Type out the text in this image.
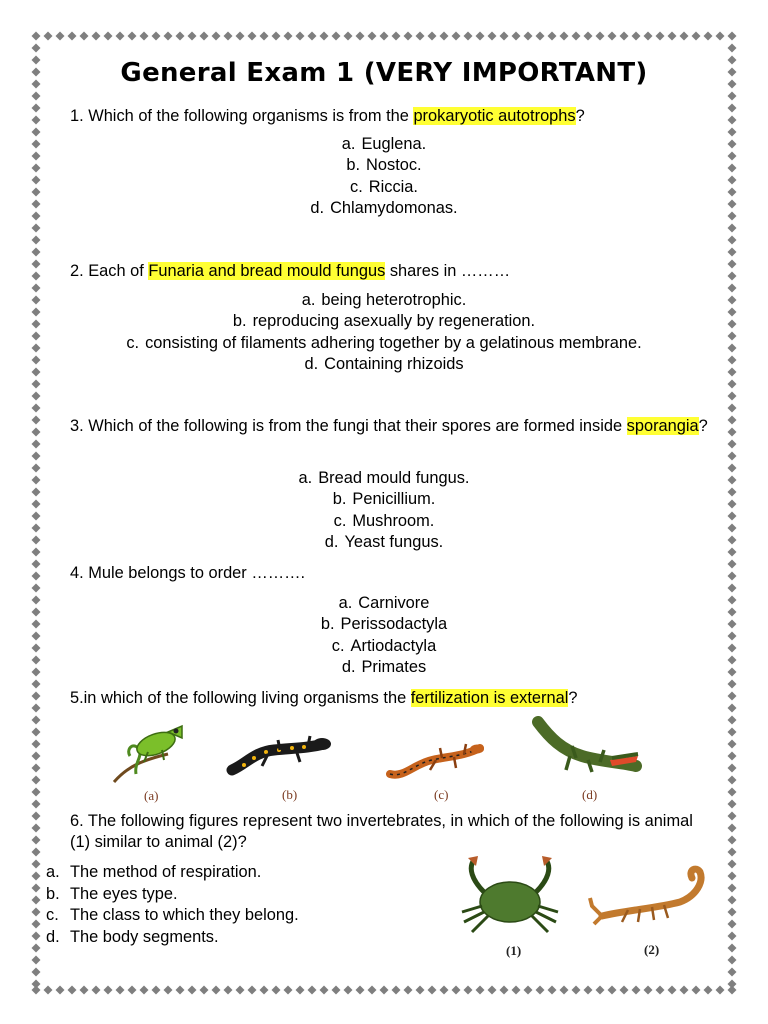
General Exam 1 (VERY IMPORTANT)
1. Which of the following organisms is from the prokaryotic autotrophs?
a. Euglena.
b. Nostoc.
c. Riccia.
d. Chlamydomonas.
2. Each of Funaria and bread mould fungus shares in ………
a. being heterotrophic.
b. reproducing asexually by regeneration.
c. consisting of filaments adhering together by a gelatinous membrane.
d. Containing rhizoids
3. Which of the following is from the fungi that their spores are formed inside sporangia?
a. Bread mould fungus.
b. Penicillium.
c. Mushroom.
d. Yeast fungus.
4. Mule belongs to order ……….
a. Carnivore
b. Perissodactyla
c. Artiodactyla
d. Primates
5.in which of the following living organisms the fertilization is external?
(a)	(b)	(c)	(d)
6. The following figures represent two invertebrates, in which of the following is animal (1) similar to animal (2)?
a. The method of respiration.
b. The eyes type.
c. The class to which they belong.
d. The body segments.
(1)	(2)
